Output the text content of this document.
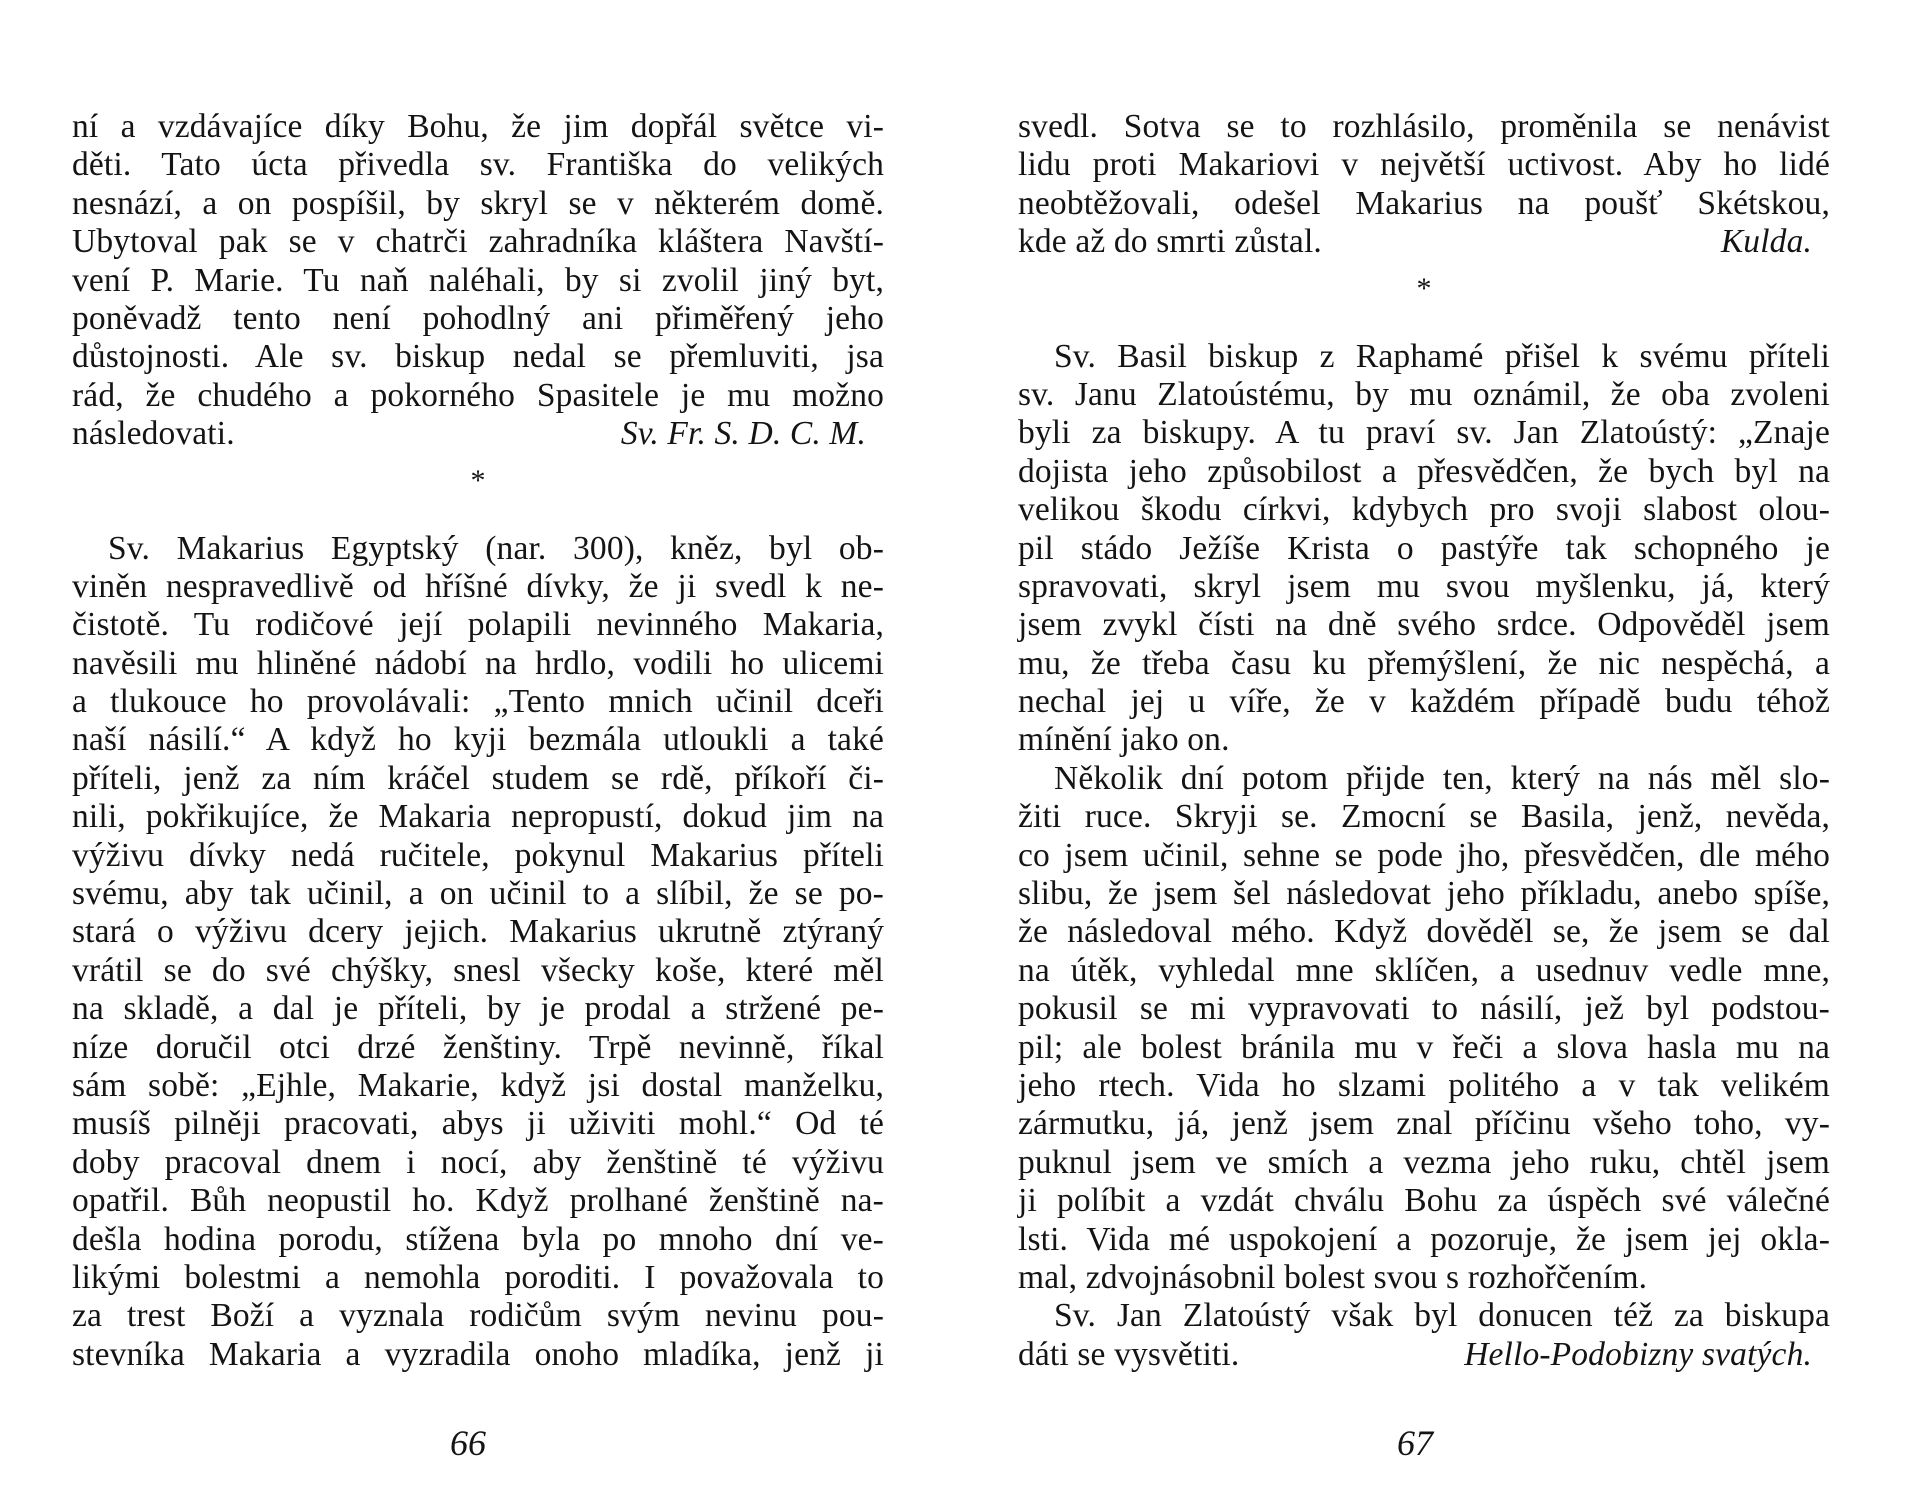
ní a vzdávajíce díky Bohu, že jim dopřál světce vi-
děti. Tato úcta přivedla sv. Františka do velikých
nesnází, a on pospíšil, by skryl se v některém domě.
Ubytoval pak se v chatrči zahradníka kláštera Navští-
vení P. Marie. Tu naň naléhali, by si zvolil jiný byt,
poněvadž tento není pohodlný ani přiměřený jeho
důstojnosti. Ale sv. biskup nedal se přemluviti, jsa
rád, že chudého a pokorného Spasitele je mu možno
následovati.	Sv. Fr. S. D. C. M.
*
Sv. Makarius Egyptský (nar. 300), kněz, byl ob-
viněn nespravedlivě od hříšné dívky, že ji svedl k ne-
čistotě. Tu rodičové její polapili nevinného Makaria,
navěsili mu hliněné nádobí na hrdlo, vodili ho ulicemi
a tlukouce ho provolávali: „Tento mnich učinil dceři
naší násilí.“ A když ho kyji bezmála utloukli a také
příteli, jenž za ním kráčel studem se rdě, příkoří či-
nili, pokřikujíce, že Makaria nepropustí, dokud jim na
výživu dívky nedá ručitele, pokynul Makarius příteli
svému, aby tak učinil, a on učinil to a slíbil, že se po-
stará o výživu dcery jejich. Makarius ukrutně ztýraný
vrátil se do své chýšky, snesl všecky koše, které měl
na skladě, a dal je příteli, by je prodal a stržené pe-
níze doručil otci drzé ženštiny. Trpě nevinně, říkal
sám sobě: „Ejhle, Makarie, když jsi dostal manželku,
musíš pilněji pracovati, abys ji uživiti mohl.“ Od té
doby pracoval dnem i nocí, aby ženštině té výživu
opatřil. Bůh neopustil ho. Když prolhané ženštině na-
dešla hodina porodu, stížena byla po mnoho dní ve-
likými bolestmi a nemohla poroditi. I považovala to
za trest Boží a vyznala rodičům svým nevinu pou-
stevníka Makaria a vyzradila onoho mladíka, jenž ji
66
svedl. Sotva se to rozhlásilo, proměnila se nenávist
lidu proti Makariovi v největší uctivost. Aby ho lidé
neobtěžovali, odešel Makarius na poušť Skétskou,
kde až do smrti zůstal.	Kulda.
*
Sv. Basil biskup z Raphamé přišel k svému příteli
sv. Janu Zlatoústému, by mu oznámil, že oba zvoleni
byli za biskupy. A tu praví sv. Jan Zlatoústý: „Znaje
dojista jeho způsobilost a přesvědčen, že bych byl na
velikou škodu církvi, kdybych pro svoji slabost olou-
pil stádo Ježíše Krista o pastýře tak schopného je
spravovati, skryl jsem mu svou myšlenku, já, který
jsem zvykl čísti na dně svého srdce. Odpověděl jsem
mu, že třeba času ku přemýšlení, že nic nespěchá, a
nechal jej u víře, že v každém případě budu téhož
mínění jako on.
Několik dní potom přijde ten, který na nás měl slo-
žiti ruce. Skryji se. Zmocní se Basila, jenž, nevěda,
co jsem učinil, sehne se pode jho, přesvědčen, dle mého
slibu, že jsem šel následovat jeho příkladu, anebo spíše,
že následoval mého. Když dověděl se, že jsem se dal
na útěk, vyhledal mne sklíčen, a usednuv vedle mne,
pokusil se mi vypravovati to násilí, jež byl podstou-
pil; ale bolest bránila mu v řeči a slova hasla mu na
jeho rtech. Vida ho slzami politého a v tak velikém
zármutku, já, jenž jsem znal příčinu všeho toho, vy-
puknul jsem ve smích a vezma jeho ruku, chtěl jsem
ji políbit a vzdát chválu Bohu za úspěch své válečné
lsti. Vida mé uspokojení a pozoruje, že jsem jej okla-
mal, zdvojnásobnil bolest svou s rozhořčením.
Sv. Jan Zlatoústý však byl donucen též za biskupa
dáti se vysvětiti.	Hello-Podobizny svatých.
67
